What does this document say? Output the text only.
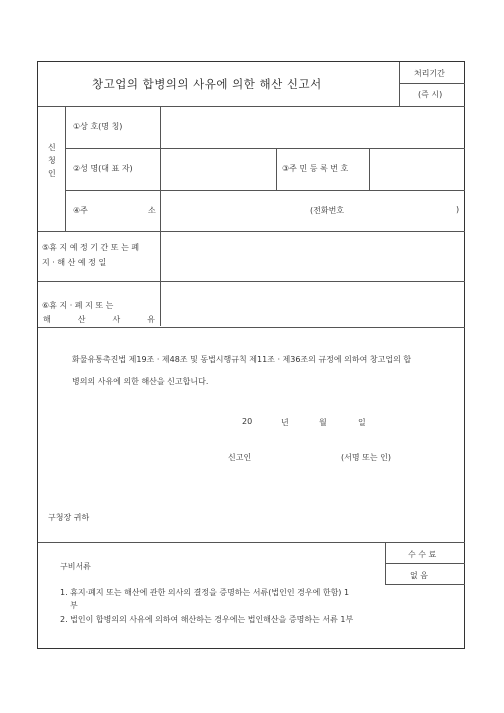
창고업의 합병의의 사유에 의한 해산 신고서
처리기간
(즉 시)
신
청
인
①상 호(명 칭)
②성 명(대 표 자)	③주 민 등 록 번 호
④주	소	(전화번호	)
⑤휴 지 예 정 기 간 또 는 폐
지 · 해 산 예 정 일
⑥휴 지 · 폐 지 또 는
해	산	사	유
화물유통촉진법 제19조 · 제48조 및 동법시행규칙 제11조 · 제36조의 규정에 의하여 창고업의 합
병의의 사유에 의한 해산을 신고합니다.
20	년	월	일
신고인	(서명 또는 인)
구청장 귀하
수 수 료
없 음
구비서류
1. 휴지·폐지 또는 해산에 관한 의사의 결정을 증명하는 서류(법인인 경우에 한함) 1
부
2. 법인이 합병의의 사유에 의하여 해산하는 경우에는 법인해산을 증명하는 서류 1부
